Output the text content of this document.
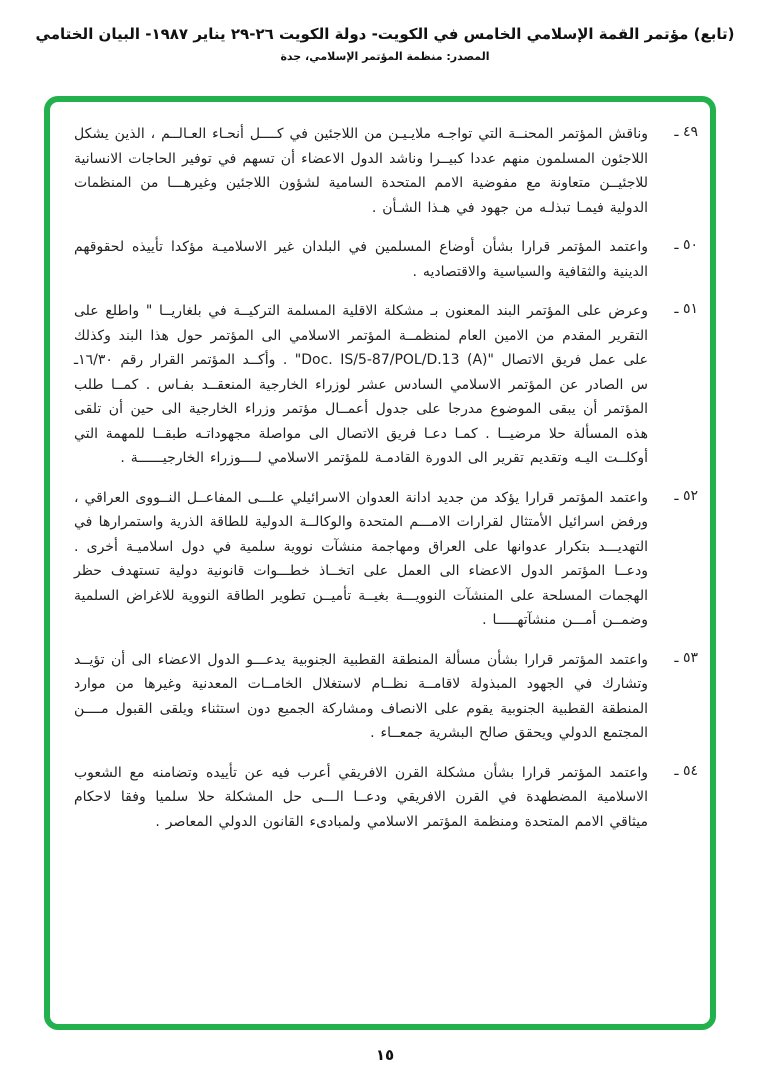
(تابع) مؤتمر القمة الإسلامي الخامس في الكويت- دولة الكويت ‎٢٦-٢٩‎ يناير ١٩٨٧- البيان الختامي
المصدر: منظمة المؤتمر الإسلامي، جدة
٤٩ ـ
وناقش المؤتمر المحنــة التي تواجـه ملايـيـن من اللاجئين في كــــل أنحـاء العـالــم ، الذين يشكل اللاجئون المسلمون منهم عددا كبيــرا وناشد الدول الاعضاء أن تسهم في توفير الحاجات الانسانية للاجئيــن متعاونة مع مفوضية الامم المتحدة السامية لشؤون اللاجئين وغيرهـــا من المنظمات الدولية فيمـا تبذلـه من جهود في هـذا الشـأن .
٥٠ ـ
واعتمد المؤتمر قرارا بشأن أوضاع المسلمين في البلدان غير الاسلاميـة مؤكدا تأييذه لحقوقهم الدينية والثقافية والسياسية والاقتصاديه .
٥١ ـ
وعرض على المؤتمر البند المعنون بـ مشكلة الاقلية المسلمة التركيــة في بلغاريــا " واطلع على التقرير المقدم من الامين العام لمنظمــة المؤتمر الاسلامي الى المؤتمر حول هذا البند وكذلك على عمل فريق الاتصال "Doc. IS/5-87/POL/D.13 (A)" . وأكــد المؤتمر القرار رقم ١٦/٣٠ـ س الصادر عن المؤتمر الاسلامي السادس عشر لوزراء الخارجية المنعقــد بفـاس . كمــا طلب المؤتمر أن يبقى الموضوع مدرجا على جدول أعمــال مؤتمر وزراء الخارجية الى حين أن تلقى هذه المسألة حلا مرضيــا . كمـا دعـا فريق الاتصال الى مواصلة مجهوداتـه طبقــا للمهمة التي أوكلــت اليـه وتقديم تقرير الى الدورة القادمـة للمؤتمر الاسلامي لــــوزراء الخارجيــــــة .
٥٢ ـ
واعتمد المؤتمر قرارا يؤكد من جديد ادانة العدوان الاسرائيلي علـــى المفاعــل النــووى العراقي ، ورفض اسرائيل الأمتثال لقرارات الامـــم المتحدة والوكالــة الدولية للطاقة الذرية واستمرارها في التهديـــد بتكرار عدوانها على العراق ومهاجمة منشآت نووية سلمية في دول اسلاميـة أخرى . ودعــا المؤتمر الدول الاعضاء الى العمل على اتخــاذ خطـــوات قانونية دولية تستهدف حظر الهجمات المسلحة على المنشآت النوويـــة بغيــة تأميــن تطوير الطاقة النووية للاغراض السلمية وضمــن أمـــن منشآتهـــــا .
٥٣ ـ
واعتمد المؤتمر قرارا بشأن مسألة المنطقة القطبية الجنوبية يدعـــو الدول الاعضاء الى أن تؤيــد وتشارك في الجهود المبذولة لاقامــة نظــام لاستغلال الخامــات المعدنية وغيرها من موارد المنطقة القطبية الجنوبية يقوم على الانصاف ومشاركة الجميع دون استثناء ويلقى القبول مــــن المجتمع الدولي ويحقق صالح البشرية جمعــاء .
٥٤ ـ
واعتمد المؤتمر قرارا بشأن مشكلة القرن الافريقي أعرب فيه عن تأييده وتضامنه مع الشعوب الاسلامية المضطهدة في القرن الافريقي ودعــا الـــى حل المشكلة حلا سلميا وفقا لاحكام ميثاقي الامم المتحدة ومنظمة المؤتمر الاسلامي ولمبادىء القانون الدولي المعاصر .
١٥
